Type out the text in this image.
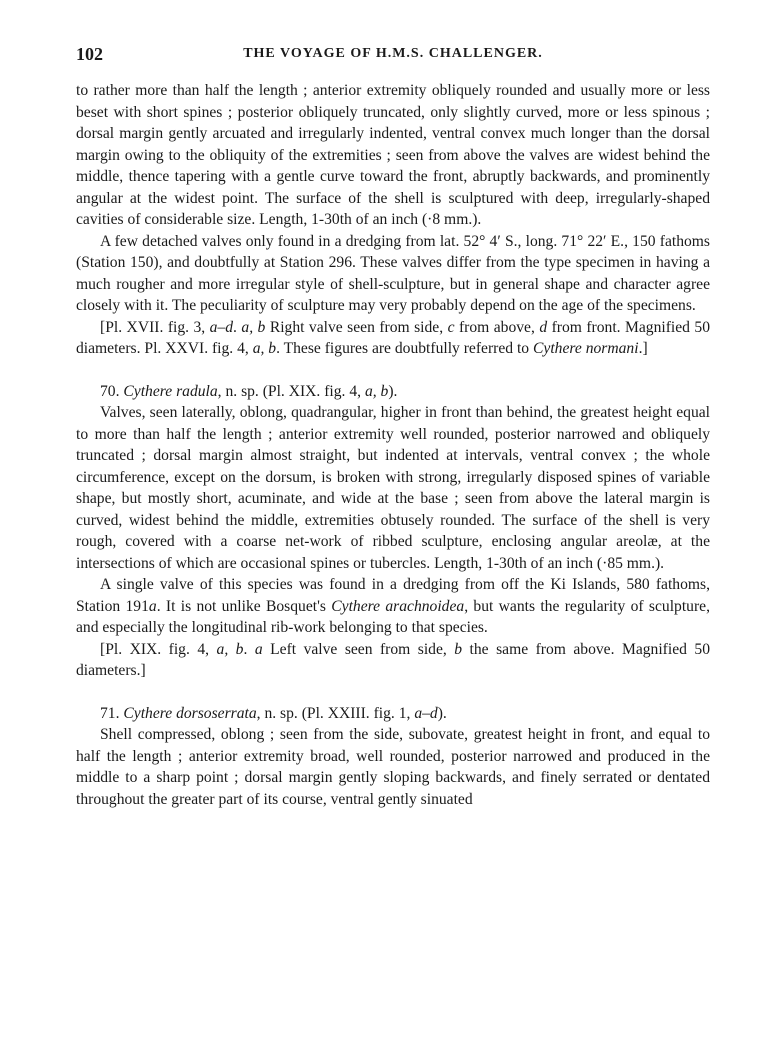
102	THE VOYAGE OF H.M.S. CHALLENGER.

to rather more than half the length ; anterior extremity obliquely rounded and usually more or less beset with short spines ; posterior obliquely truncated, only slightly curved, more or less spinous ; dorsal margin gently arcuated and irregularly indented, ventral convex much longer than the dorsal margin owing to the obliquity of the extremities ; seen from above the valves are widest behind the middle, thence tapering with a gentle curve toward the front, abruptly backwards, and prominently angular at the widest point. The surface of the shell is sculptured with deep, irregularly-shaped cavities of considerable size. Length, 1-30th of an inch (·8 mm.).

A few detached valves only found in a dredging from lat. 52° 4′ S., long. 71° 22′ E., 150 fathoms (Station 150), and doubtfully at Station 296. These valves differ from the type specimen in having a much rougher and more irregular style of shell-sculpture, but in general shape and character agree closely with it. The peculiarity of sculpture may very probably depend on the age of the specimens.

[Pl. XVII. fig. 3, a–d. a, b Right valve seen from side, c from above, d from front. Magnified 50 diameters. Pl. XXVI. fig. 4, a, b. These figures are doubtfully referred to Cythere normani.]

70. Cythere radula, n. sp. (Pl. XIX. fig. 4, a, b).

Valves, seen laterally, oblong, quadrangular, higher in front than behind, the greatest height equal to more than half the length ; anterior extremity well rounded, posterior narrowed and obliquely truncated ; dorsal margin almost straight, but indented at intervals, ventral convex ; the whole circumference, except on the dorsum, is broken with strong, irregularly disposed spines of variable shape, but mostly short, acuminate, and wide at the base ; seen from above the lateral margin is curved, widest behind the middle, extremities obtusely rounded. The surface of the shell is very rough, covered with a coarse net-work of ribbed sculpture, enclosing angular areolæ, at the intersections of which are occasional spines or tubercles. Length, 1-30th of an inch (·85 mm.).

A single valve of this species was found in a dredging from off the Ki Islands, 580 fathoms, Station 191a. It is not unlike Bosquet's Cythere arachnoidea, but wants the regularity of sculpture, and especially the longitudinal rib-work belonging to that species.

[Pl. XIX. fig. 4, a, b. a Left valve seen from side, b the same from above. Magnified 50 diameters.]

71. Cythere dorsoserrata, n. sp. (Pl. XXIII. fig. 1, a–d).

Shell compressed, oblong ; seen from the side, subovate, greatest height in front, and equal to half the length ; anterior extremity broad, well rounded, posterior narrowed and produced in the middle to a sharp point ; dorsal margin gently sloping backwards, and finely serrated or dentated throughout the greater part of its course, ventral gently sinuated
